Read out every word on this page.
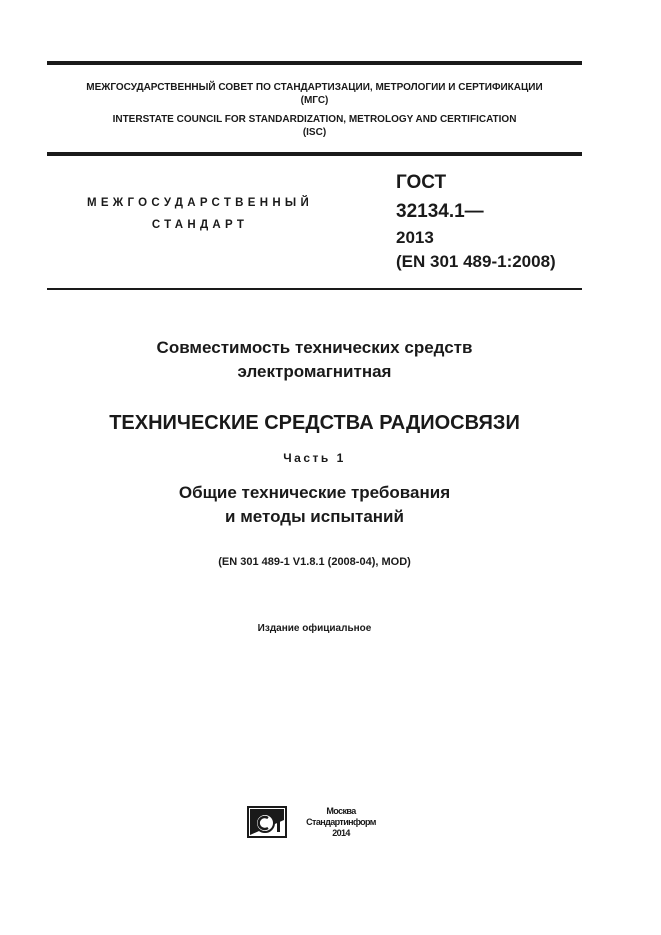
МЕЖГОСУДАРСТВЕННЫЙ СОВЕТ ПО СТАНДАРТИЗАЦИИ, МЕТРОЛОГИИ И СЕРТИФИКАЦИИ
(МГС)
INTERSTATE COUNCIL FOR STANDARDIZATION, METROLOGY AND CERTIFICATION
(ISC)
МЕЖГОСУДАРСТВЕННЫЙ
СТАНДАРТ
ГОСТ
32134.1—
2013
(EN 301 489-1:2008)
Совместимость технических средств
электромагнитная
ТЕХНИЧЕСКИЕ СРЕДСТВА РАДИОСВЯЗИ
Часть 1
Общие технические требования
и методы испытаний
(EN 301 489-1 V1.8.1 (2008-04), MOD)
Издание официальное
Москва
Стандартинформ
2014
